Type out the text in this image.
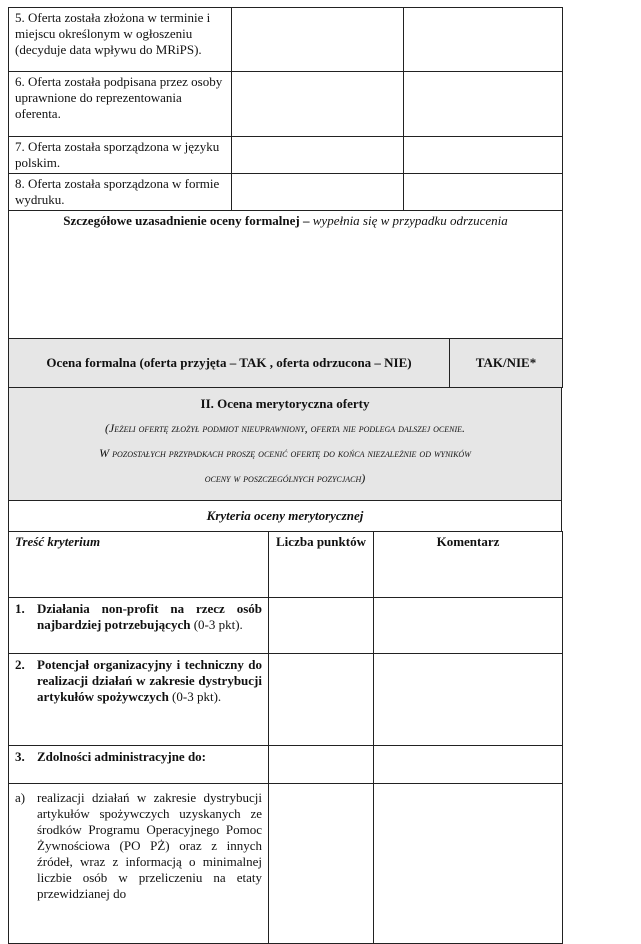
5. Oferta została złożona w terminie i miejscu określonym w ogłoszeniu (decyduje data wpływu do MRiPS).		
6. Oferta została podpisana przez osoby uprawnione do reprezentowania oferenta.		
7. Oferta została sporządzona w języku polskim.		
8. Oferta została sporządzona w formie wydruku.		
Szczegółowe uzasadnienie oceny formalnej – wypełnia się w przypadku odrzucenia		
Ocena formalna (oferta przyjęta – TAK , oferta odrzucona – NIE)	TAK/NIE*
II. Ocena merytoryczna oferty
(Jeżeli ofertę złożył podmiot nieuprawniony, oferta nie podlega dalszej ocenie.
W pozostałych przypadkach proszę ocenić ofertę do końca niezależnie od wyników
oceny w poszczególnych pozycjach)

Kryteria oceny merytorycznej
Treść kryterium	Liczba punktów	Komentarz

1. Działania non-profit na rzecz osób najbardziej potrzebujących (0-3 pkt).		

2. Potencjał organizacyjny i techniczny do realizacji działań w zakresie dystrybucji artykułów spożywczych (0-3 pkt).		

3. Zdolności administracyjne do:		

a) realizacji działań w zakresie dystrybucji artykułów spożywczych uzyskanych ze środków Programu Operacyjnego Pomoc Żywnościowa (PO PŻ) oraz z innych źródeł, wraz z informacją o minimalnej liczbie osób w przeliczeniu na etaty przewidzianej do		
